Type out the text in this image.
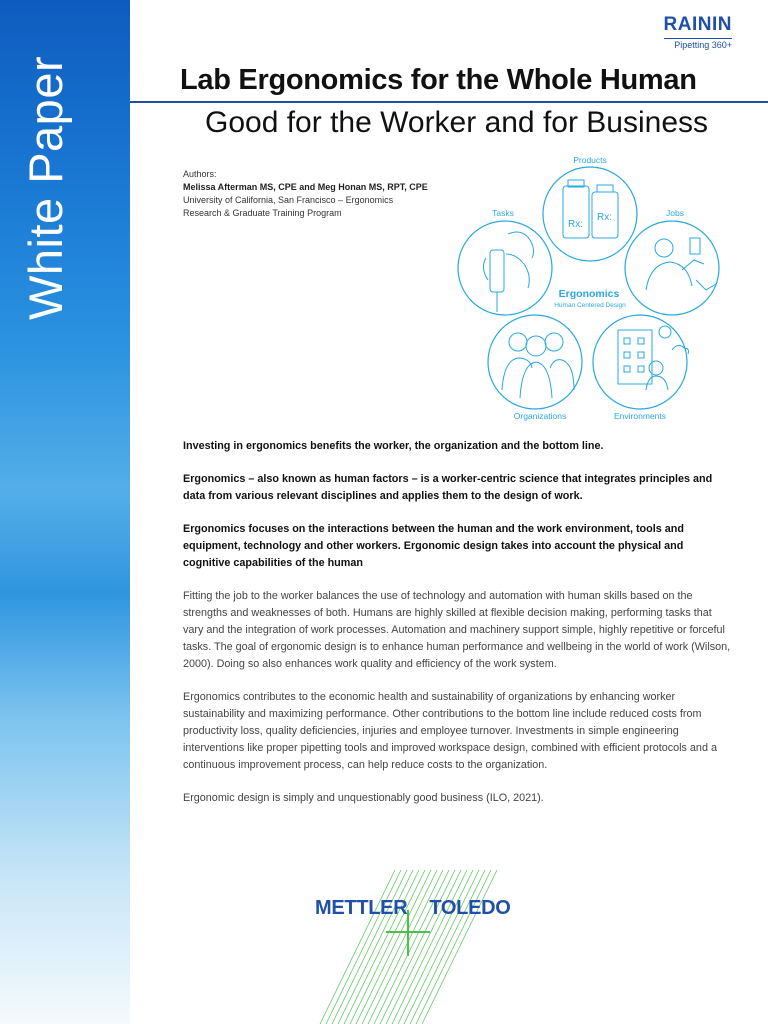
White Paper
RAININ
Pipetting 360+
Lab Ergonomics for the Whole Human
Good for the Worker and for Business
Authors:
Melissa Afterman MS, CPE and Meg Honan MS, RPT, CPE
University of California, San Francisco – Ergonomics
Research & Graduate Training Program
Rx:
Rx:
Ergonomics
Human Centered Design
Products
Tasks	Jobs
Organizations	Environments

Investing in ergonomics benefits the worker, the organization and the bottom line.

Ergonomics – also known as human factors – is a worker-centric science that integrates principles and data from various relevant disciplines and applies them to the design of work.

Ergonomics focuses on the interactions between the human and the work environment, tools and equipment, technology and other workers. Ergonomic design takes into account the physical and cognitive capabilities of the human

Fitting the job to the worker balances the use of technology and automation with human skills based on the strengths and weaknesses of both. Humans are highly skilled at flexible decision making, performing tasks that vary and the integration of work processes. Automation and machinery support simple, highly repetitive or forceful tasks. The goal of ergonomic design is to enhance human performance and wellbeing in the world of work (Wilson, 2000). Doing so also enhances work quality and efficiency of the work system.

Ergonomics contributes to the economic health and sustainability of organizations by enhancing worker sustainability and maximizing performance. Other contributions to the bottom line include reduced costs from productivity loss, quality deficiencies, injuries and employee turnover. Investments in simple engineering interventions like proper pipetting tools and improved workspace design, combined with efficient protocols and a continuous improvement process, can help reduce costs to the organization.

Ergonomic design is simply and unquestionably good business (ILO, 2021).

METTLER TOLEDO
